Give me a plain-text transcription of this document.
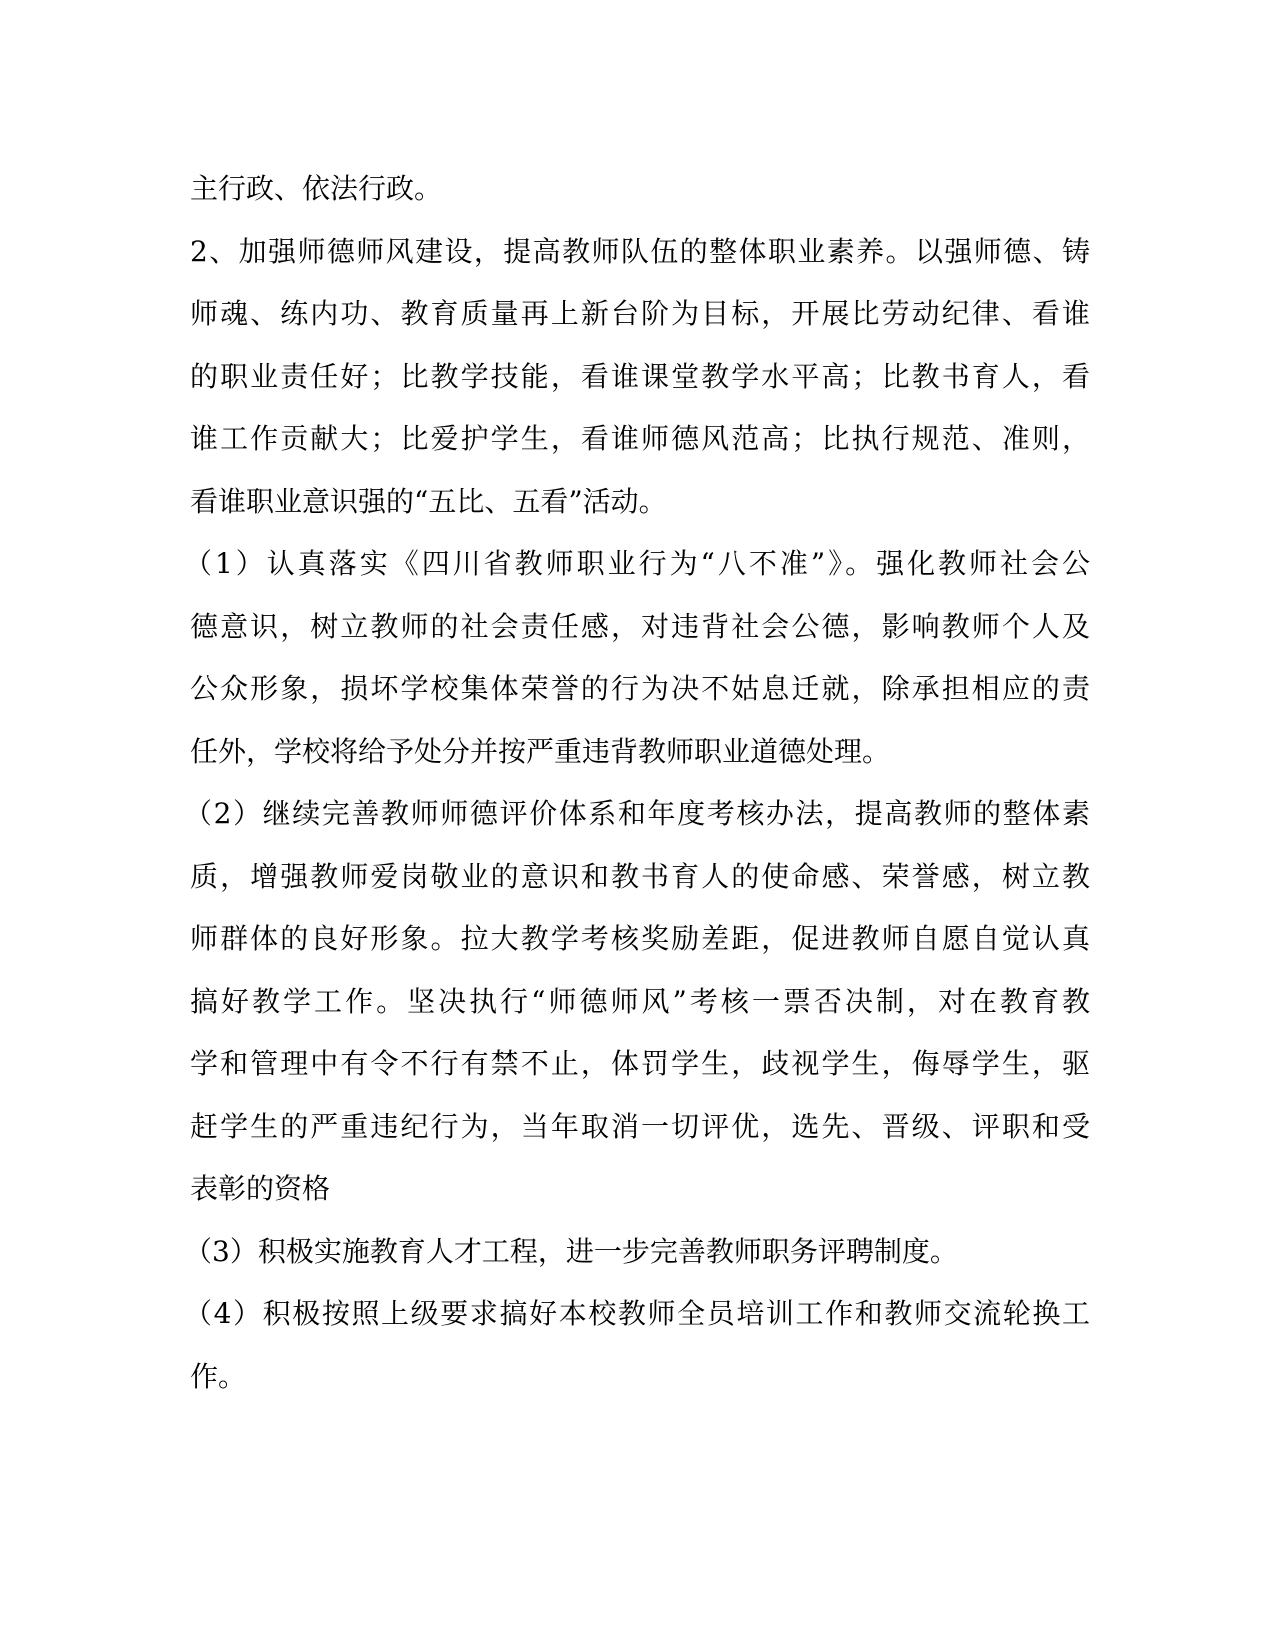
主行政、依法行政。
2、加强师德师风建设，提高教师队伍的整体职业素养。以强师德、铸
师魂、练内功、教育质量再上新台阶为目标，开展比劳动纪律、看谁
的职业责任好；比教学技能，看谁课堂教学水平高；比教书育人，看
谁工作贡献大；比爱护学生，看谁师德风范高；比执行规范、准则，
看谁职业意识强的“五比、五看”活动。
（1）认真落实《四川省教师职业行为“八不准”》。强化教师社会公
德意识，树立教师的社会责任感，对违背社会公德，影响教师个人及
公众形象，损坏学校集体荣誉的行为决不姑息迁就，除承担相应的责
任外，学校将给予处分并按严重违背教师职业道德处理。
（2）继续完善教师师德评价体系和年度考核办法，提高教师的整体素
质，增强教师爱岗敬业的意识和教书育人的使命感、荣誉感，树立教
师群体的良好形象。拉大教学考核奖励差距，促进教师自愿自觉认真
搞好教学工作。坚决执行“师德师风”考核一票否决制，对在教育教
学和管理中有令不行有禁不止，体罚学生，歧视学生，侮辱学生，驱
赶学生的严重违纪行为，当年取消一切评优，选先、晋级、评职和受
表彰的资格
（3）积极实施教育人才工程，进一步完善教师职务评聘制度。
（4）积极按照上级要求搞好本校教师全员培训工作和教师交流轮换工
作。
